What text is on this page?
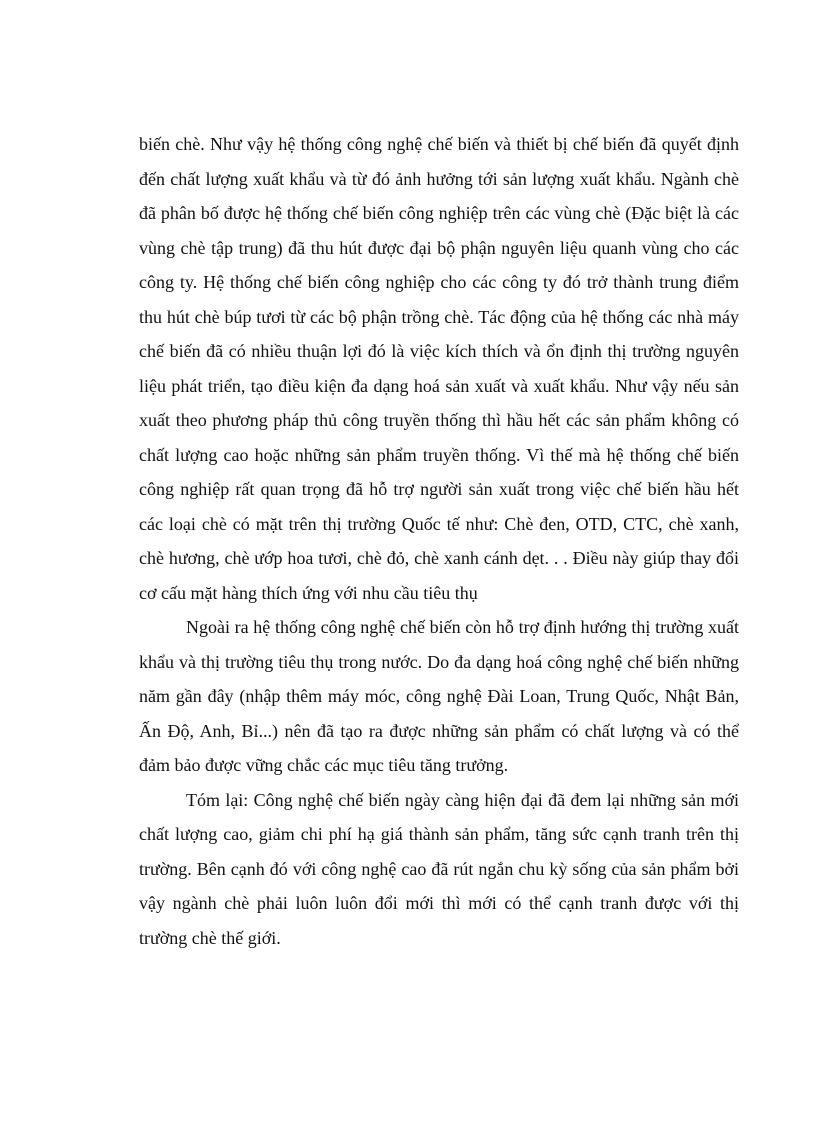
biến chè. Như vậy hệ thống công nghệ chế biến và thiết bị chế biến đã quyết định đến chất lượng xuất khẩu và từ đó ảnh hưởng tới sản lượng xuất khẩu. Ngành chè đã phân bố được hệ thống chế biến công nghiệp trên các vùng chè (Đặc biệt là các vùng chè tập trung) đã thu hút được đại bộ phận nguyên liệu quanh vùng cho các công ty. Hệ thống chế biến công nghiệp cho các công ty đó trở thành trung điểm thu hút chè búp tươi từ các bộ phận trồng chè. Tác động của hệ thống các nhà máy chế biến đã có nhiều thuận lợi đó là việc kích thích và ổn định thị trường nguyên liệu phát triển, tạo điều kiện đa dạng hoá sản xuất và xuất khẩu. Như vậy nếu sản xuất theo phương pháp thủ công truyền thống thì hầu hết các sản phẩm không có chất lượng cao hoặc những sản phẩm truyền thống. Vì thế mà hệ thống chế biến công nghiệp rất quan trọng đã hỗ trợ người sản xuất trong việc chế biến hầu hết các loại chè có mặt trên thị trường Quốc tế như: Chè đen, OTD, CTC, chè xanh, chè hương, chè ướp hoa tươi, chè đỏ, chè xanh cánh dẹt. . . Điều này giúp thay đổi cơ cấu mặt hàng thích ứng với nhu cầu tiêu thụ

Ngoài ra hệ thống công nghệ chế biến còn hỗ trợ định hướng thị trường xuất khẩu và thị trường tiêu thụ trong nước. Do đa dạng hoá công nghệ chế biến những năm gần đây (nhập thêm máy móc, công nghệ Đài Loan, Trung Quốc, Nhật Bản, Ấn Độ, Anh, Bỉ...) nên đã tạo ra được những sản phẩm có chất lượng và có thể đảm bảo được vững chắc các mục tiêu tăng trưởng.

Tóm lại: Công nghệ chế biến ngày càng hiện đại đã đem lại những sản mới chất lượng cao, giảm chi phí hạ giá thành sản phẩm, tăng sức cạnh tranh trên thị trường. Bên cạnh đó với công nghệ cao đã rút ngắn chu kỳ sống của sản phẩm bởi vậy ngành chè phải luôn luôn đổi mới thì mới có thể cạnh tranh được với thị trường chè thế giới.
